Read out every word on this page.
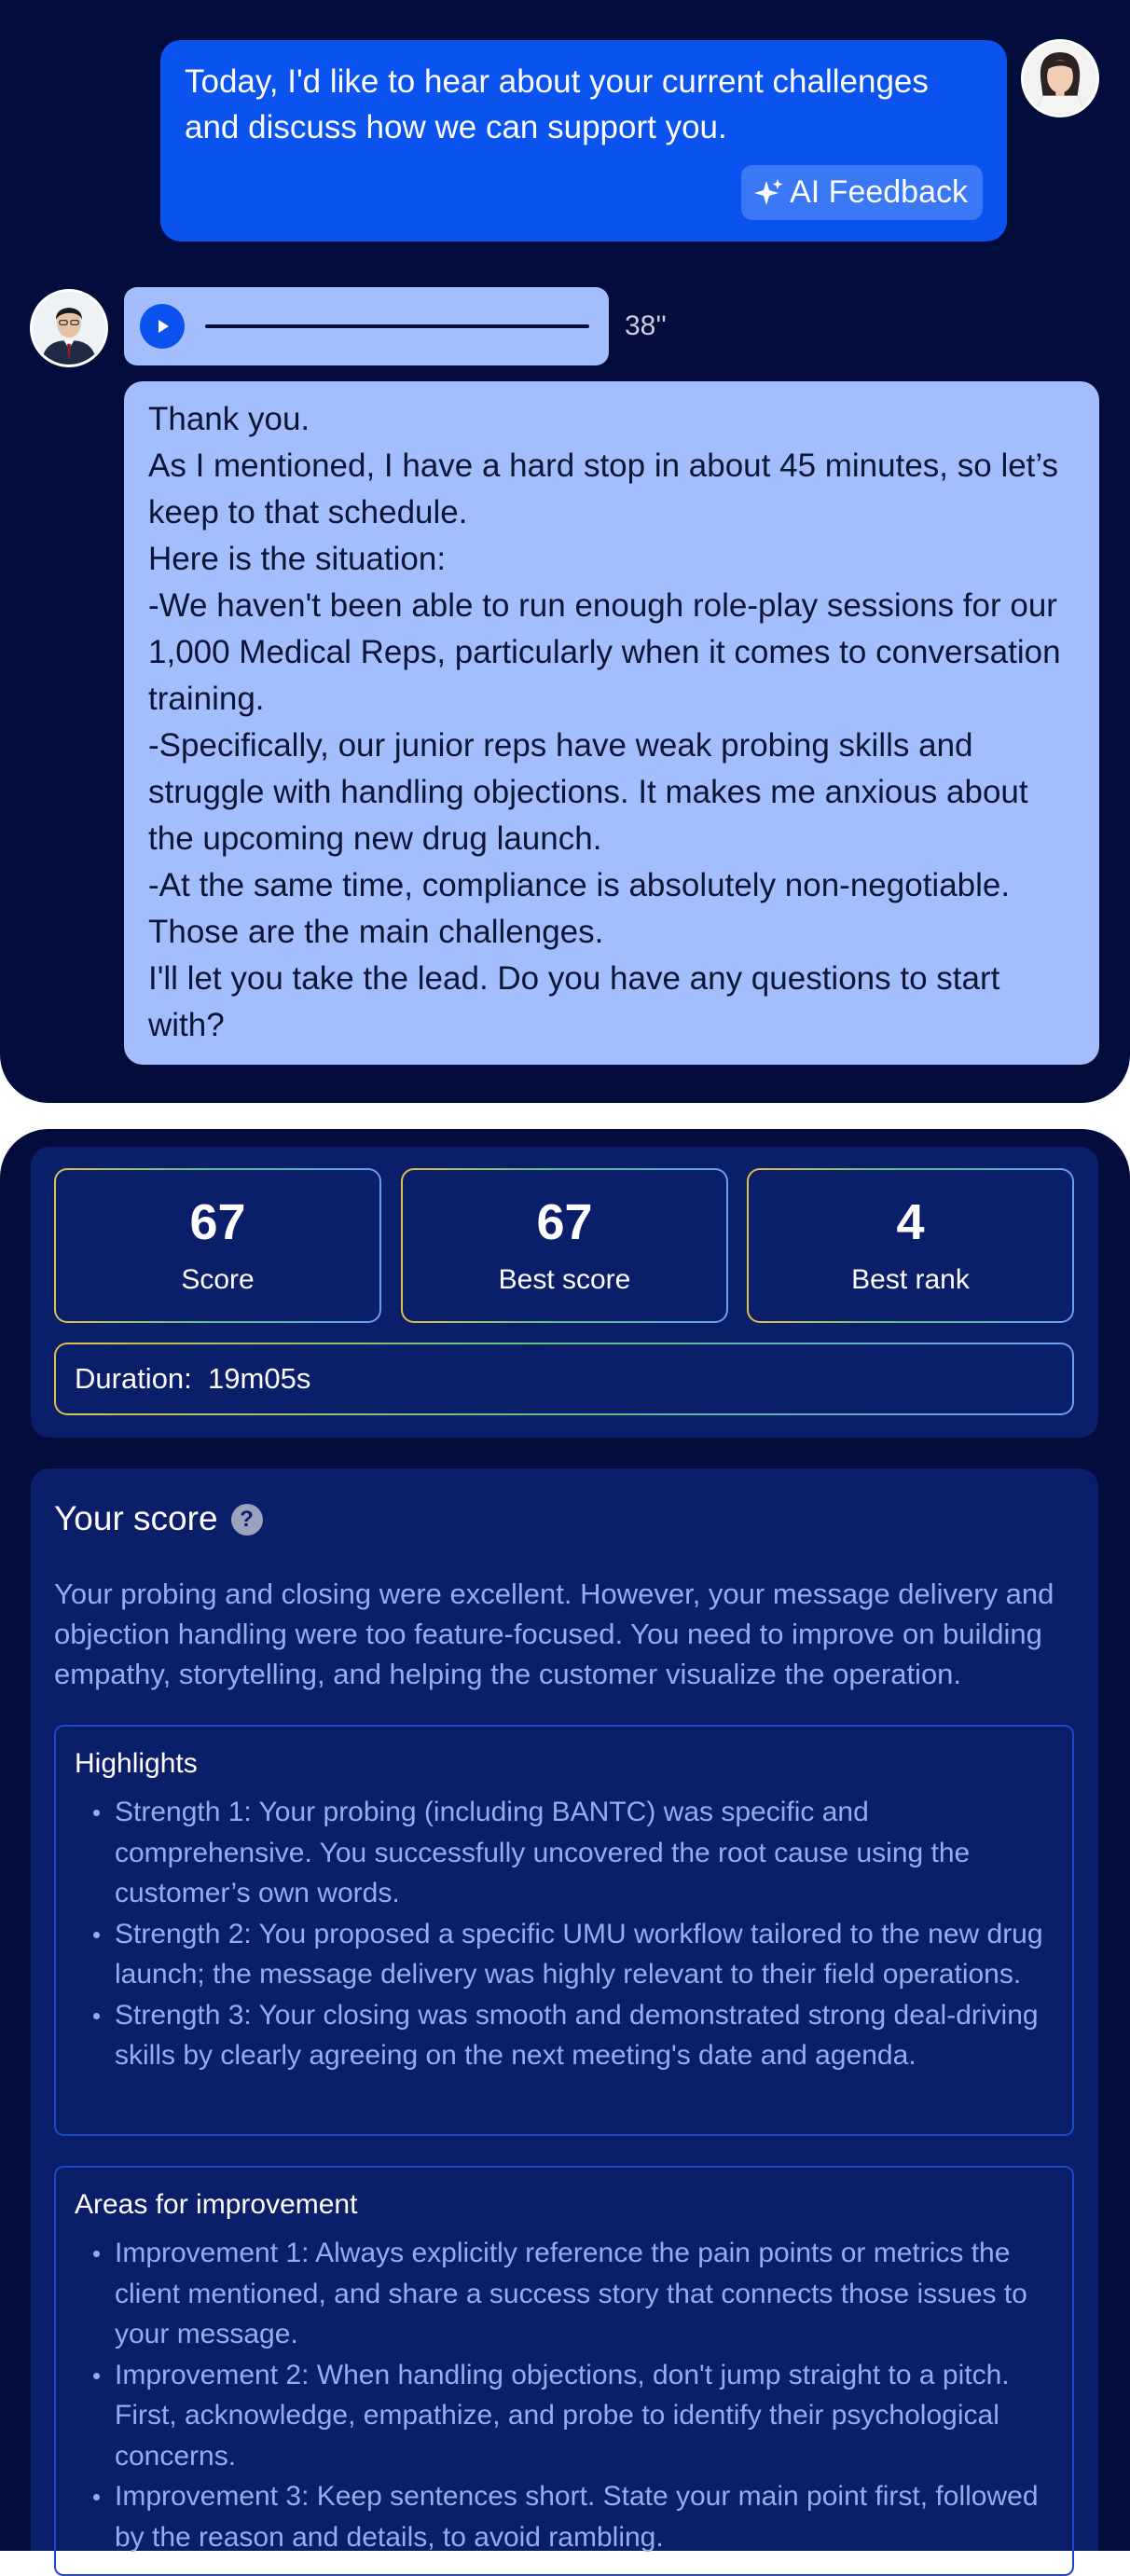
Today, I'd like to hear about your current challenges and discuss how we can support you.
AI Feedback
38''

Thank you.

As I mentioned, I have a hard stop in about 45 minutes, so let’s keep to that schedule.

Here is the situation:

-We haven't been able to run enough role-play sessions for our 1,000 Medical Reps, particularly when it comes to conversation training.

-Specifically, our junior reps have weak probing skills and struggle with handling objections. It makes me anxious about the upcoming new drug launch.

-At the same time, compliance is absolutely non-negotiable.

Those are the main challenges.

I'll let you take the lead. Do you have any questions to start with?

67
Score
67
Best score
4
Best rank
Duration: 19m05s
Your score ?
Your probing and closing were excellent. However, your message delivery and objection handling were too feature-focused. You need to improve on building empathy, storytelling, and helping the customer visualize the operation.
Highlights
Strength 1: Your probing (including BANTC) was specific and comprehensive. You successfully uncovered the root cause using the customer’s own words.
Strength 2: You proposed a specific UMU workflow tailored to the new drug launch; the message delivery was highly relevant to their field operations.
Strength 3: Your closing was smooth and demonstrated strong deal-driving skills by clearly agreeing on the next meeting's date and agenda.
Areas for improvement
Improvement 1: Always explicitly reference the pain points or metrics the client mentioned, and share a success story that connects those issues to your message.
Improvement 2: When handling objections, don't jump straight to a pitch. First, acknowledge, empathize, and probe to identify their psychological concerns.
Improvement 3: Keep sentences short. State your main point first, followed by the reason and details, to avoid rambling.
